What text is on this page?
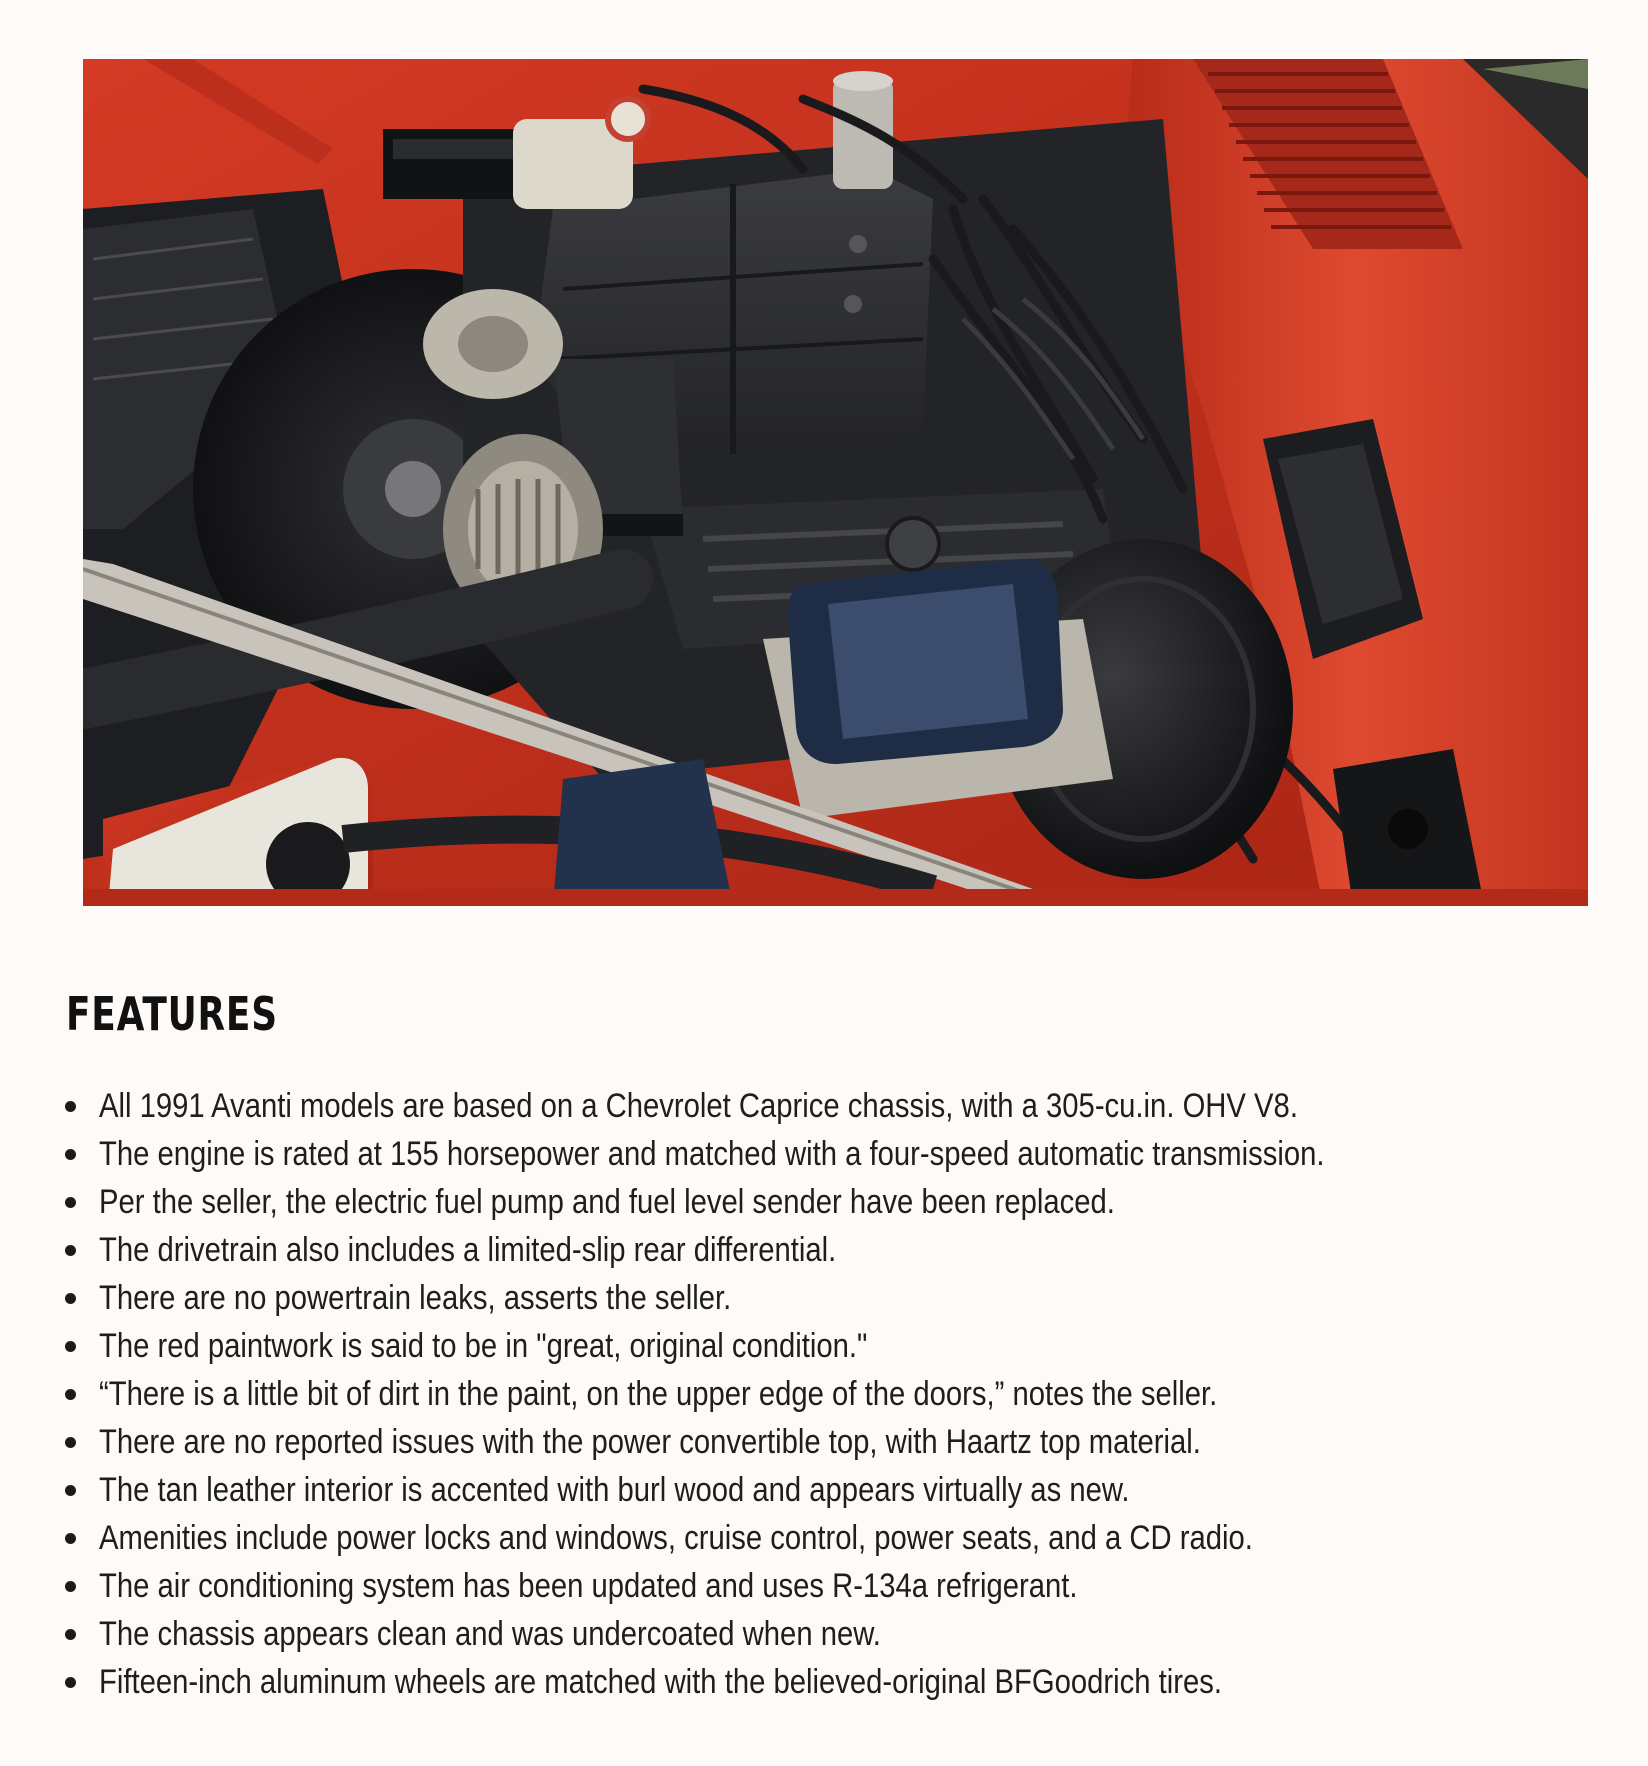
FEATURES
All 1991 Avanti models are based on a Chevrolet Caprice chassis, with a 305-cu.in. OHV V8.
The engine is rated at 155 horsepower and matched with a four-speed automatic transmission.
Per the seller, the electric fuel pump and fuel level sender have been replaced.
The drivetrain also includes a limited-slip rear differential.
There are no powertrain leaks, asserts the seller.
The red paintwork is said to be in "great, original condition."
“There is a little bit of dirt in the paint, on the upper edge of the doors,” notes the seller.
There are no reported issues with the power convertible top, with Haartz top material.
The tan leather interior is accented with burl wood and appears virtually as new.
Amenities include power locks and windows, cruise control, power seats, and a CD radio.
The air conditioning system has been updated and uses R-134a refrigerant.
The chassis appears clean and was undercoated when new.
Fifteen-inch aluminum wheels are matched with the believed-original BFGoodrich tires.
